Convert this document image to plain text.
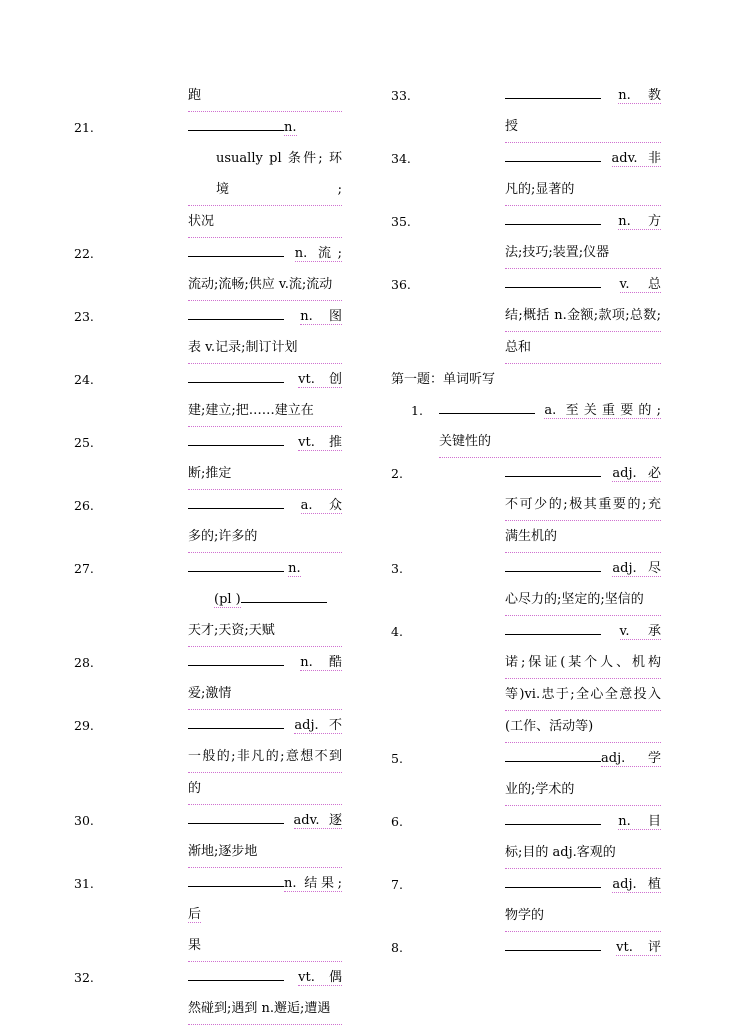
跑
21.	n.
usually pl 条件; 环境;
状况
22.	n. 流;
流动;流畅;供应 v.流;流动
23.	n. 图
表 v.记录;制订计划
24.	vt. 创
建;建立;把……建立在
25.	vt. 推
断;推定
26.	a. 众
多的;许多的
27.	n.
(pl )
天才;天资;天赋
28.	n. 酷
爱;激情
29.	adj. 不
一般的;非凡的;意想不到
的
30.	adv. 逐
渐地;逐步地
31.	n. 结果;后
果
32.	vt. 偶
然碰到;遇到 n.邂逅;遭遇
33.	n. 教
授
34.	adv. 非
凡的;显著的
35.	n. 方
法;技巧;装置;仪器
36.	v. 总
结;概括 n.金额;款项;总数;
总和
第一题：单词听写
1.	a. 至关重要的;
关键性的
2.	adj. 必
不可少的;极其重要的;充
满生机的
3.	adj. 尽
心尽力的;坚定的;坚信的
4.	v. 承
诺;保证(某个人、机构
等)vi.忠于;全心全意投入
(工作、活动等)
5.	adj. 学
业的;学术的
6.	n. 目
标;目的 adj.客观的
7.	adj. 植
物学的
8.	vt. 评
